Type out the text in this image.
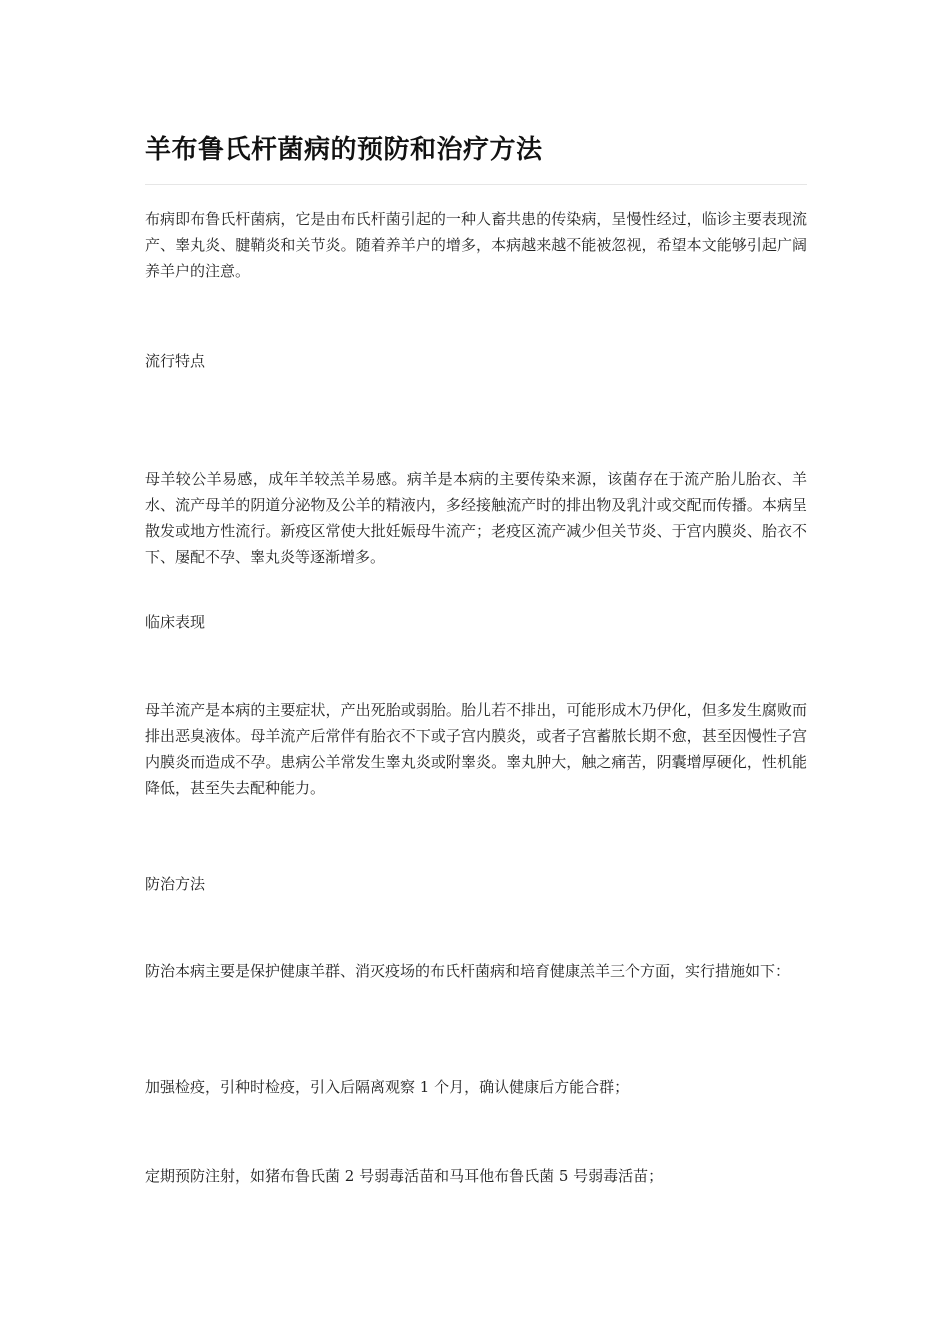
羊布鲁氏杆菌病的预防和治疗方法

布病即布鲁氏杆菌病，它是由布氏杆菌引起的一种人畜共患的传染病，呈慢性经过，临诊主要表现流产、睾丸炎、腱鞘炎和关节炎。随着养羊户的增多，本病越来越不能被忽视，希望本文能够引起广阔养羊户的注意。

流行特点

母羊较公羊易感，成年羊较羔羊易感。病羊是本病的主要传染来源，该菌存在于流产胎儿胎衣、羊水、流产母羊的阴道分泌物及公羊的精液内，多经接触流产时的排出物及乳汁或交配而传播。本病呈散发或地方性流行。新疫区常使大批妊娠母牛流产；老疫区流产减少但关节炎、于宫内膜炎、胎衣不下、屡配不孕、睾丸炎等逐渐增多。

临床表现

母羊流产是本病的主要症状，产出死胎或弱胎。胎儿若不排出，可能形成木乃伊化，但多发生腐败而排出恶臭液体。母羊流产后常伴有胎衣不下或子宫内膜炎，或者子宫蓄脓长期不愈，甚至因慢性子宫内膜炎而造成不孕。患病公羊常发生睾丸炎或附睾炎。睾丸肿大，触之痛苦，阴囊增厚硬化，性机能降低，甚至失去配种能力。

防治方法

防治本病主要是保护健康羊群、消灭疫场的布氏杆菌病和培育健康羔羊三个方面，实行措施如下：

加强检疫，引种时检疫，引入后隔离观察 1 个月，确认健康后方能合群；

定期预防注射，如猪布鲁氏菌 2 号弱毒活苗和马耳他布鲁氏菌 5 号弱毒活苗；
